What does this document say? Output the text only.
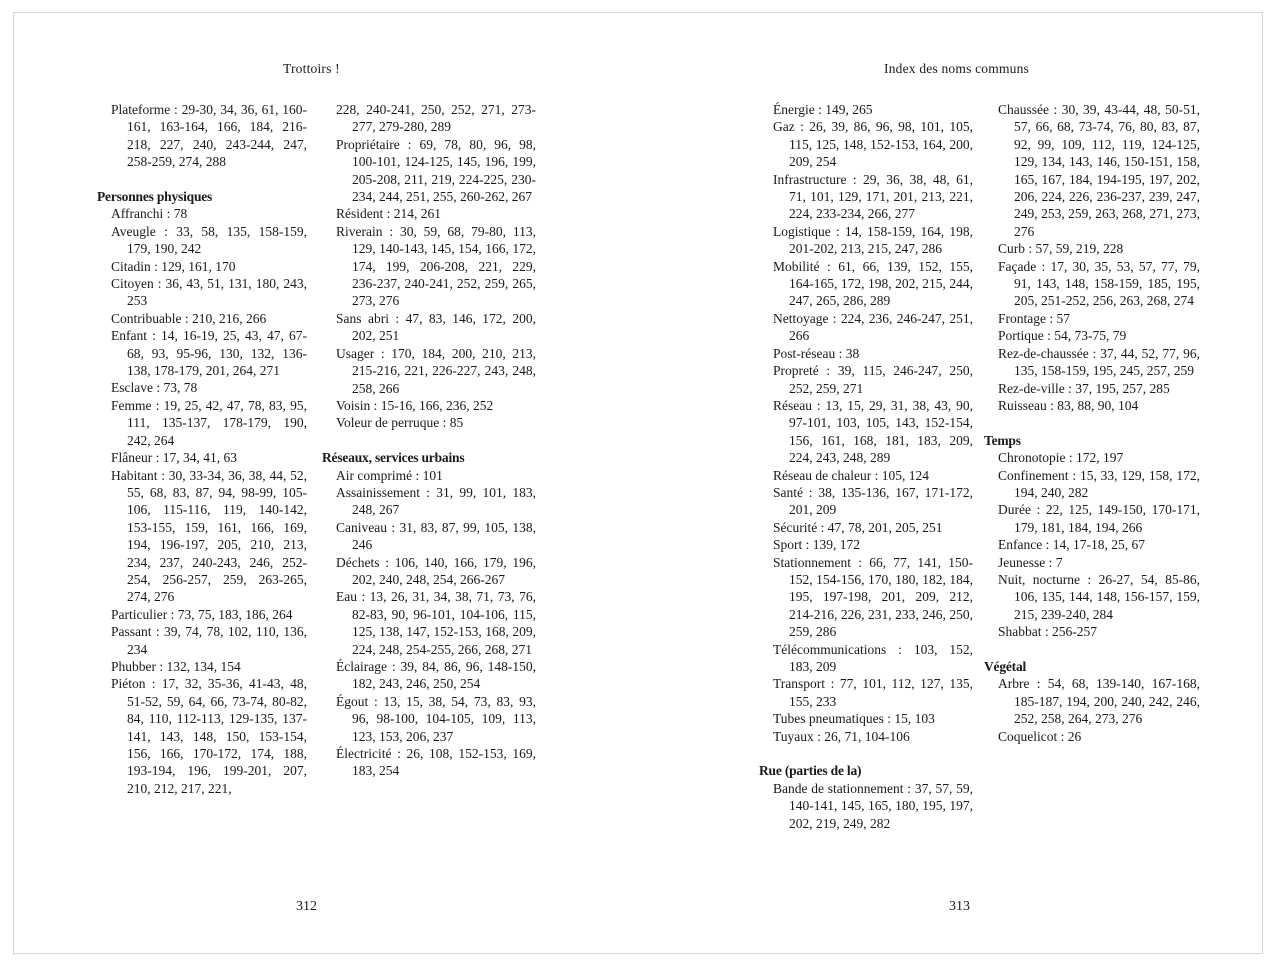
Trottoirs !

Plateforme : 29-30, 34, 36, 61, 160-161, 163-164, 166, 184, 216-218, 227, 240, 243-244, 247, 258-259, 274, 288

Personnes physiques

Affranchi : 78

Aveugle : 33, 58, 135, 158-159, 179, 190, 242

Citadin : 129, 161, 170

Citoyen : 36, 43, 51, 131, 180, 243, 253

Contribuable : 210, 216, 266

Enfant : 14, 16-19, 25, 43, 47, 67-68, 93, 95-96, 130, 132, 136-138, 178-179, 201, 264, 271

Esclave : 73, 78

Femme : 19, 25, 42, 47, 78, 83, 95, 111, 135-137, 178-179, 190, 242, 264

Flâneur : 17, 34, 41, 63

Habitant : 30, 33-34, 36, 38, 44, 52, 55, 68, 83, 87, 94, 98-99, 105-106, 115-116, 119, 140-142, 153-155, 159, 161, 166, 169, 194, 196-197, 205, 210, 213, 234, 237, 240-243, 246, 252-254, 256-257, 259, 263-265, 274, 276

Particulier : 73, 75, 183, 186, 264

Passant : 39, 74, 78, 102, 110, 136, 234

Phubber : 132, 134, 154

Piéton : 17, 32, 35-36, 41-43, 48, 51-52, 59, 64, 66, 73-74, 80-82, 84, 110, 112-113, 129-135, 137-141, 143, 148, 150, 153-154, 156, 166, 170-172, 174, 188, 193-194, 196, 199-201, 207, 210, 212, 217, 221,

228, 240-241, 250, 252, 271, 273-277, 279-280, 289

Propriétaire : 69, 78, 80, 96, 98, 100-101, 124-125, 145, 196, 199, 205-208, 211, 219, 224-225, 230-234, 244, 251, 255, 260-262, 267

Résident : 214, 261

Riverain : 30, 59, 68, 79-80, 113, 129, 140-143, 145, 154, 166, 172, 174, 199, 206-208, 221, 229, 236-237, 240-241, 252, 259, 265, 273, 276

Sans abri : 47, 83, 146, 172, 200, 202, 251

Usager : 170, 184, 200, 210, 213, 215-216, 221, 226-227, 243, 248, 258, 266

Voisin : 15-16, 166, 236, 252

Voleur de perruque : 85

Réseaux, services urbains

Air comprimé : 101

Assainissement : 31, 99, 101, 183, 248, 267

Caniveau : 31, 83, 87, 99, 105, 138, 246

Déchets : 106, 140, 166, 179, 196, 202, 240, 248, 254, 266-267

Eau : 13, 26, 31, 34, 38, 71, 73, 76, 82-83, 90, 96-101, 104-106, 115, 125, 138, 147, 152-153, 168, 209, 224, 248, 254-255, 266, 268, 271

Éclairage : 39, 84, 86, 96, 148-150, 182, 243, 246, 250, 254

Égout : 13, 15, 38, 54, 73, 83, 93, 96, 98-100, 104-105, 109, 113, 123, 153, 206, 237

Électricité : 26, 108, 152-153, 169, 183, 254

312
Index des noms communs

Énergie : 149, 265

Gaz : 26, 39, 86, 96, 98, 101, 105, 115, 125, 148, 152-153, 164, 200, 209, 254

Infrastructure : 29, 36, 38, 48, 61, 71, 101, 129, 171, 201, 213, 221, 224, 233-234, 266, 277

Logistique : 14, 158-159, 164, 198, 201-202, 213, 215, 247, 286

Mobilité : 61, 66, 139, 152, 155, 164-165, 172, 198, 202, 215, 244, 247, 265, 286, 289

Nettoyage : 224, 236, 246-247, 251, 266

Post-réseau : 38

Propreté : 39, 115, 246-247, 250, 252, 259, 271

Réseau : 13, 15, 29, 31, 38, 43, 90, 97-101, 103, 105, 143, 152-154, 156, 161, 168, 181, 183, 209, 224, 243, 248, 289

Réseau de chaleur : 105, 124

Santé : 38, 135-136, 167, 171-172, 201, 209

Sécurité : 47, 78, 201, 205, 251

Sport : 139, 172

Stationnement : 66, 77, 141, 150-152, 154-156, 170, 180, 182, 184, 195, 197-198, 201, 209, 212, 214-216, 226, 231, 233, 246, 250, 259, 286

Télécommunications : 103, 152, 183, 209

Transport : 77, 101, 112, 127, 135, 155, 233

Tubes pneumatiques : 15, 103

Tuyaux : 26, 71, 104-106

Rue (parties de la)

Bande de stationnement : 37, 57, 59, 140-141, 145, 165, 180, 195, 197, 202, 219, 249, 282

Chaussée : 30, 39, 43-44, 48, 50-51, 57, 66, 68, 73-74, 76, 80, 83, 87, 92, 99, 109, 112, 119, 124-125, 129, 134, 143, 146, 150-151, 158, 165, 167, 184, 194-195, 197, 202, 206, 224, 226, 236-237, 239, 247, 249, 253, 259, 263, 268, 271, 273, 276

Curb : 57, 59, 219, 228

Façade : 17, 30, 35, 53, 57, 77, 79, 91, 143, 148, 158-159, 185, 195, 205, 251-252, 256, 263, 268, 274

Frontage : 57

Portique : 54, 73-75, 79

Rez-de-chaussée : 37, 44, 52, 77, 96, 135, 158-159, 195, 245, 257, 259

Rez-de-ville : 37, 195, 257, 285

Ruisseau : 83, 88, 90, 104

Temps

Chronotopie : 172, 197

Confinement : 15, 33, 129, 158, 172, 194, 240, 282

Durée : 22, 125, 149-150, 170-171, 179, 181, 184, 194, 266

Enfance : 14, 17-18, 25, 67

Jeunesse : 7

Nuit, nocturne : 26-27, 54, 85-86, 106, 135, 144, 148, 156-157, 159, 215, 239-240, 284

Shabbat : 256-257

Végétal

Arbre : 54, 68, 139-140, 167-168, 185-187, 194, 200, 240, 242, 246, 252, 258, 264, 273, 276

Coquelicot : 26

313
